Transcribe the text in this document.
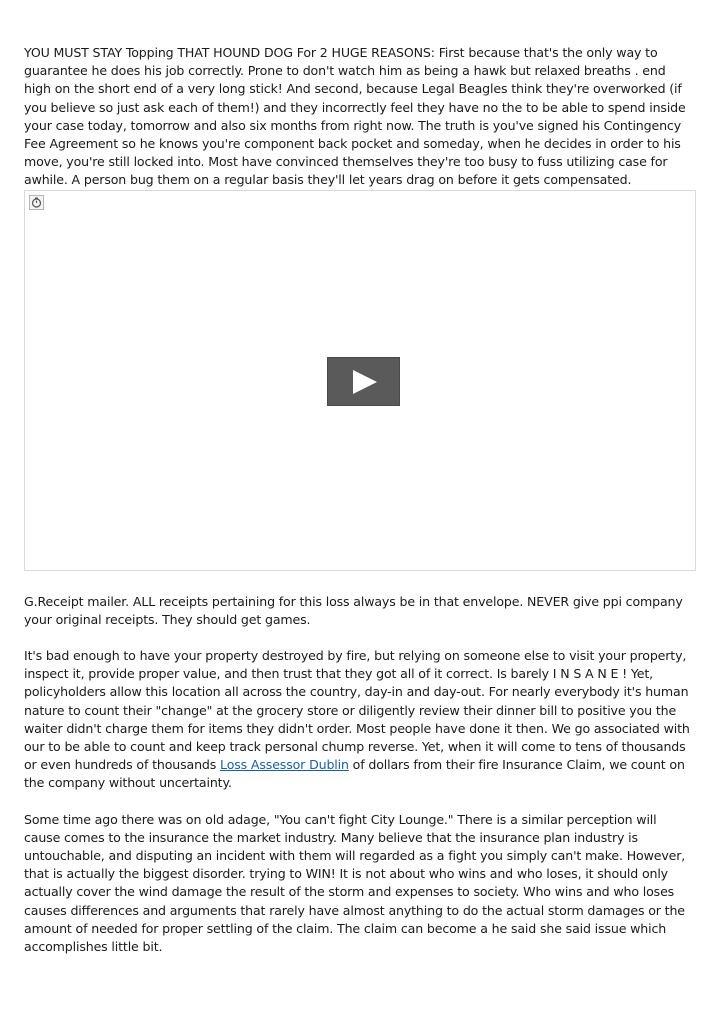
YOU MUST STAY Topping THAT HOUND DOG For 2 HUGE REASONS: First because that's the only way to guarantee he does his job correctly. Prone to don't watch him as being a hawk but relaxed breaths . end high on the short end of a very long stick! And second, because Legal Beagles think they're overworked (if you believe so just ask each of them!) and they incorrectly feel they have no the to be able to spend inside your case today, tomorrow and also six months from right now. The truth is you've signed his Contingency Fee Agreement so he knows you're component back pocket and someday, when he decides in order to his move, you're still locked into. Most have convinced themselves they're too busy to fuss utilizing case for awhile. A person bug them on a regular basis they'll let years drag on before it gets compensated.

G.Receipt mailer. ALL receipts pertaining for this loss always be in that envelope. NEVER give ppi company your original receipts. They should get games.

It's bad enough to have your property destroyed by fire, but relying on someone else to visit your property, inspect it, provide proper value, and then trust that they got all of it correct. Is barely I N S A N E ! Yet, policyholders allow this location all across the country, day-in and day-out. For nearly everybody it's human nature to count their "change" at the grocery store or diligently review their dinner bill to positive you the waiter didn't charge them for items they didn't order. Most people have done it then. We go associated with our to be able to count and keep track personal chump reverse. Yet, when it will come to tens of thousands or even hundreds of thousands Loss Assessor Dublin of dollars from their fire Insurance Claim, we count on the company without uncertainty.

Some time ago there was on old adage, "You can't fight City Lounge." There is a similar perception will cause comes to the insurance the market industry. Many believe that the insurance plan industry is untouchable, and disputing an incident with them will regarded as a fight you simply can't make. However, that is actually the biggest disorder. trying to WIN! It is not about who wins and who loses, it should only actually cover the wind damage the result of the storm and expenses to society. Who wins and who loses causes differences and arguments that rarely have almost anything to do the actual storm damages or the amount of needed for proper settling of the claim. The claim can become a he said she said issue which accomplishes little bit.
